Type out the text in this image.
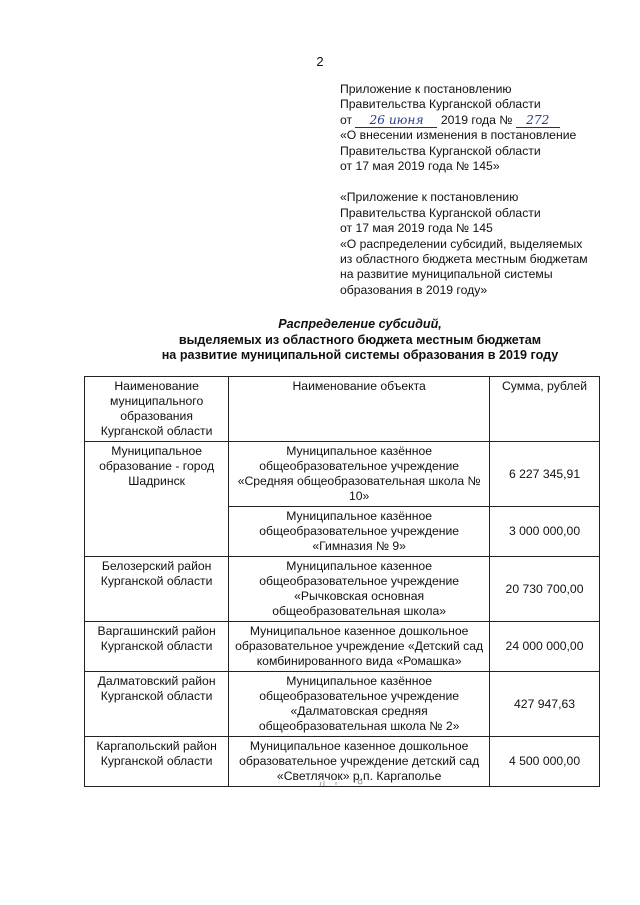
2

Приложение к постановлению

Правительства Курганской области

от 26 июня 2019 года № 272

«О внесении изменения в постановление

Правительства Курганской области

от 17 мая 2019 года № 145»

«Приложение к постановлению

Правительства Курганской области

от 17 мая 2019 года № 145

«О распределении субсидий, выделяемых

из областного бюджета местным бюджетам

на развитие муниципальной системы

образования в 2019 году»

Распределение субсидий,
выделяемых из областного бюджета местным бюджетам
на развитие муниципальной системы образования в 2019 году
Наименование муниципального образования Курганской области	Наименование объекта	Сумма, рублей
Муниципальное образование - город Шадринск	Муниципальное казённое общеобразовательное учреждение «Средняя общеобразовательная школа № 10»	6 227 345,91
	Муниципальное казённое общеобразовательное учреждение «Гимназия № 9»	3 000 000,00
Белозерский район Курганской области	Муниципальное казенное общеобразовательное учреждение «Рычковская основная общеобразовательная школа»	20 730 700,00
Варгашинский район Курганской области	Муниципальное казенное дошкольное образовательное учреждение «Детский сад комбинированного вида «Ромашка»	24 000 000,00
Далматовский район Курганской области	Муниципальное казённое общеобразовательное учреждение «Далматовская средняя общеобразовательная школа № 2»	427 947,63
Каргапольский район Курганской области	Муниципальное казенное дошкольное образовательное учреждение детский сад «Светлячок» р.п. Каргаполье	4 500 000,00
